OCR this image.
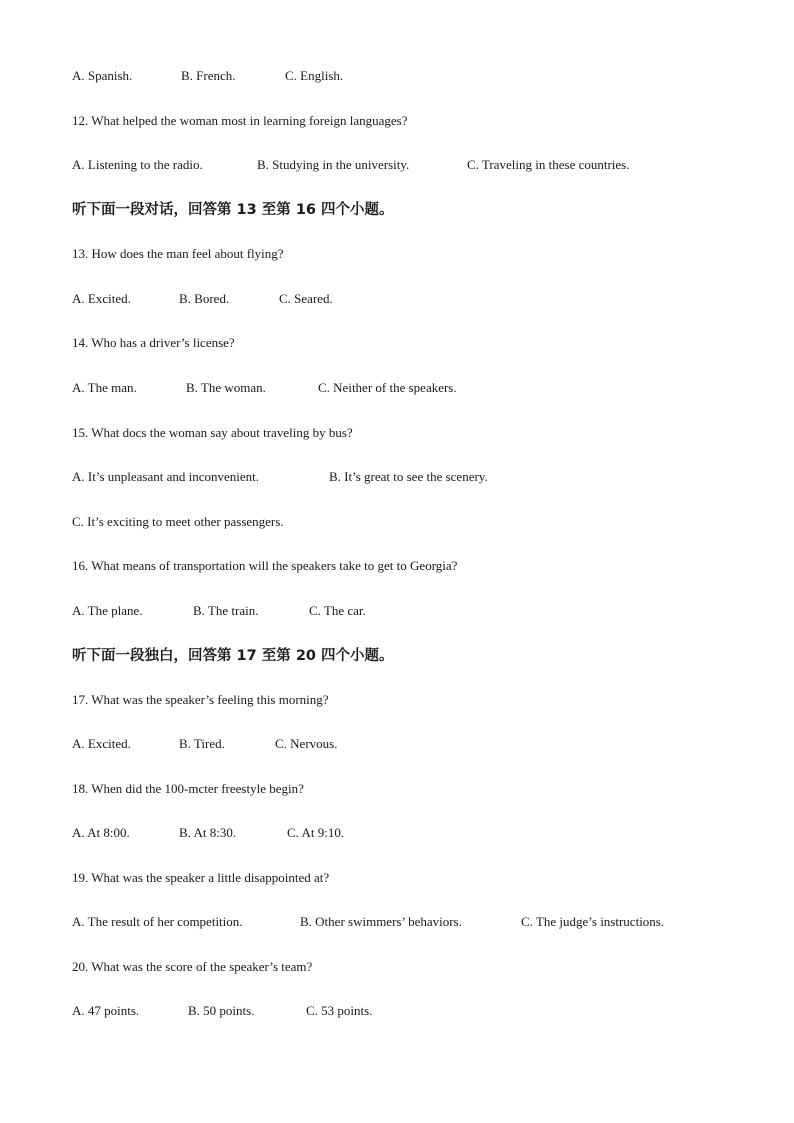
A. Spanish.	B. French.	C. English.
12. What helped the woman most in learning foreign languages?
A. Listening to the radio.	B. Studying in the university.	C. Traveling in these countries.
听下面一段对话，回答第 13 至第 16 四个小题。
13. How does the man feel about flying?
A. Excited.	B. Bored.	C. Seared.
14. Who has a driver’s license?
A. The man.	B. The woman.	C. Neither of the speakers.
15. What docs the woman say about traveling by bus?
A. It’s unpleasant and inconvenient.	B. It’s great to see the scenery.
C. It’s exciting to meet other passengers.
16. What means of transportation will the speakers take to get to Georgia?
A. The plane.	B. The train.	C. The car.
听下面一段独白，回答第 17 至第 20 四个小题。
17. What was the speaker’s feeling this morning?
A. Excited.	B. Tired.	C. Nervous.
18. When did the 100-mcter freestyle begin?
A. At 8:00.	B. At 8:30.	C. At 9:10.
19. What was the speaker a little disappointed at?
A. The result of her competition.	B. Other swimmers’ behaviors.	C. The judge’s instructions.
20. What was the score of the speaker’s team?
A. 47 points.	B. 50 points.	C. 53 points.
